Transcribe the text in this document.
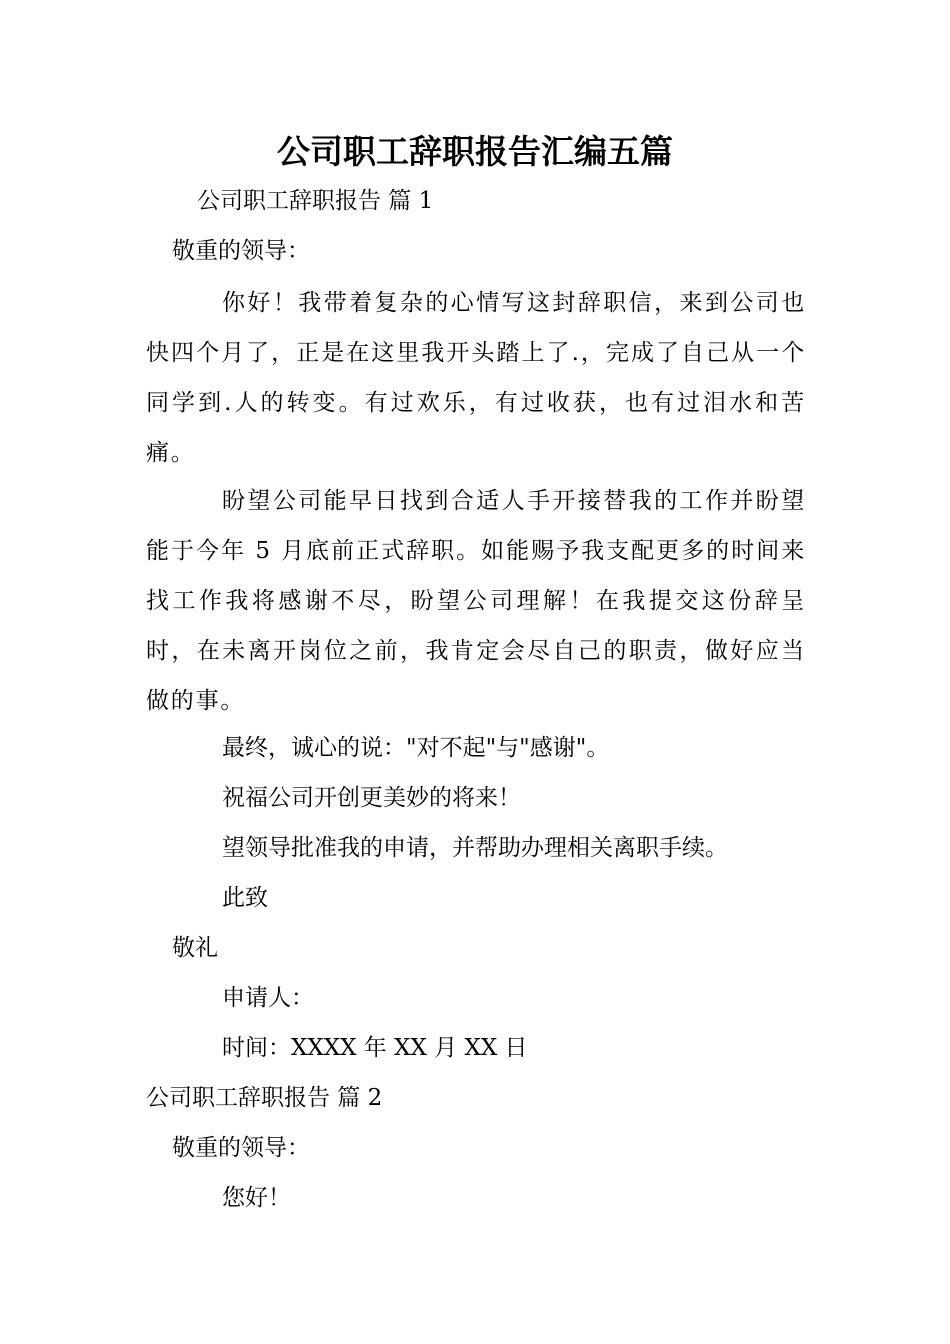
公司职工辞职报告汇编五篇
公司职工辞职报告 篇 1
敬重的领导：

你好！我带着复杂的心情写这封辞职信，来到公司也快四个月了，正是在这里我开头踏上了.，完成了自己从一个同学到.人的转变。有过欢乐，有过收获，也有过泪水和苦痛。

盼望公司能早日找到合适人手开接替我的工作并盼望能于今年 5 月底前正式辞职。如能赐予我支配更多的时间来找工作我将感谢不尽，盼望公司理解！在我提交这份辞呈时，在未离开岗位之前，我肯定会尽自己的职责，做好应当做的事。

最终，诚心的说："对不起"与"感谢"。
祝福公司开创更美妙的将来！
望领导批准我的申请，并帮助办理相关离职手续。
此致
敬礼
申请人：
时间：XXXX 年 XX 月 XX 日
公司职工辞职报告 篇 2
敬重的领导：
您好！
